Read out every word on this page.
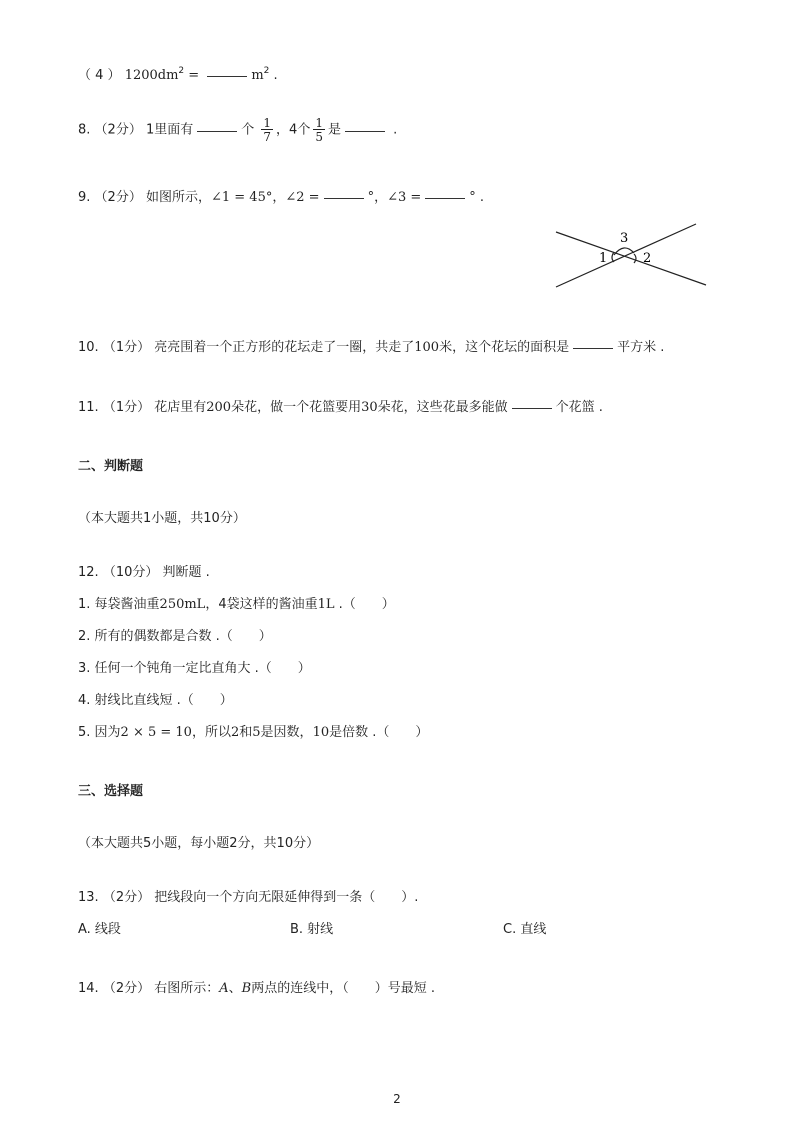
（ 4 ） $1200dm^2$ =	$m^2$ .
8. （2分） 1里面有	个 $\frac{1}{7}$ ，4个 $\frac{1}{5}$ 是	.
9. （2分） 如图所示，∠1 = 45°，∠2 =	°，∠3 =	° .
1	2
3
10. （1分） 亮亮围着一个正方形的花坛走了一圈，共走了100米，这个花坛的面积是	平方米 .
11. （1分） 花店里有200朵花，做一个花篮要用30朵花，这些花最多能做	个花篮 .
二、判断题
（本大题共1小题，共10分）
12. （10分） 判断题 .
1. 每袋酱油重250mL，4袋这样的酱油重1L .（　　）
2. 所有的偶数都是合数 .（　　）
3. 任何一个钝角一定比直角大 .（　　）
4. 射线比直线短 .（　　）
5. 因为2 × 5 = 10，所以2和5是因数，10是倍数 .（　　）
三、选择题
（本大题共5小题，每小题2分，共10分）
13. （2分） 把线段向一个方向无限延伸得到一条（　　）.
A. 线段	B. 射线	C. 直线
14. （2分） 右图所示：A、B两点的连线中，（　　）号最短 .
2
